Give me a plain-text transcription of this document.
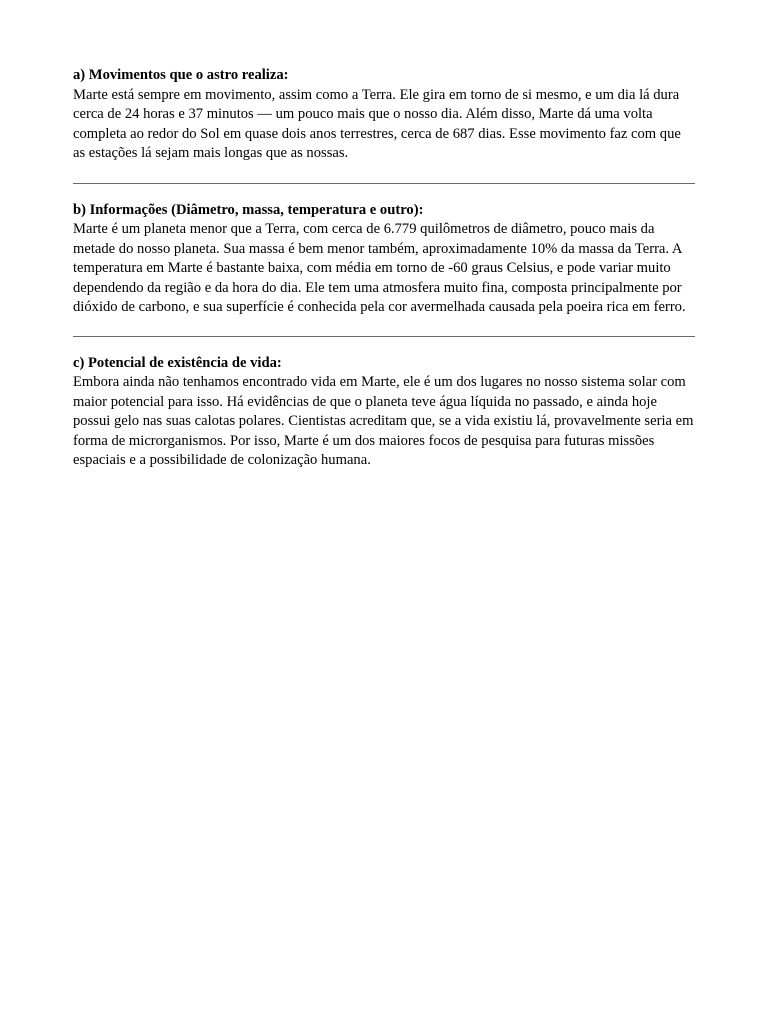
a) Movimentos que o astro realiza:
Marte está sempre em movimento, assim como a Terra. Ele gira em torno de si mesmo, e um dia lá dura cerca de 24 horas e 37 minutos — um pouco mais que o nosso dia. Além disso, Marte dá uma volta completa ao redor do Sol em quase dois anos terrestres, cerca de 687 dias. Esse movimento faz com que as estações lá sejam mais longas que as nossas.
b) Informações (Diâmetro, massa, temperatura e outro):
Marte é um planeta menor que a Terra, com cerca de 6.779 quilômetros de diâmetro, pouco mais da metade do nosso planeta. Sua massa é bem menor também, aproximadamente 10% da massa da Terra. A temperatura em Marte é bastante baixa, com média em torno de -60 graus Celsius, e pode variar muito dependendo da região e da hora do dia. Ele tem uma atmosfera muito fina, composta principalmente por dióxido de carbono, e sua superfície é conhecida pela cor avermelhada causada pela poeira rica em ferro.
c) Potencial de existência de vida:
Embora ainda não tenhamos encontrado vida em Marte, ele é um dos lugares no nosso sistema solar com maior potencial para isso. Há evidências de que o planeta teve água líquida no passado, e ainda hoje possui gelo nas suas calotas polares. Cientistas acreditam que, se a vida existiu lá, provavelmente seria em forma de microrganismos. Por isso, Marte é um dos maiores focos de pesquisa para futuras missões espaciais e a possibilidade de colonização humana.
